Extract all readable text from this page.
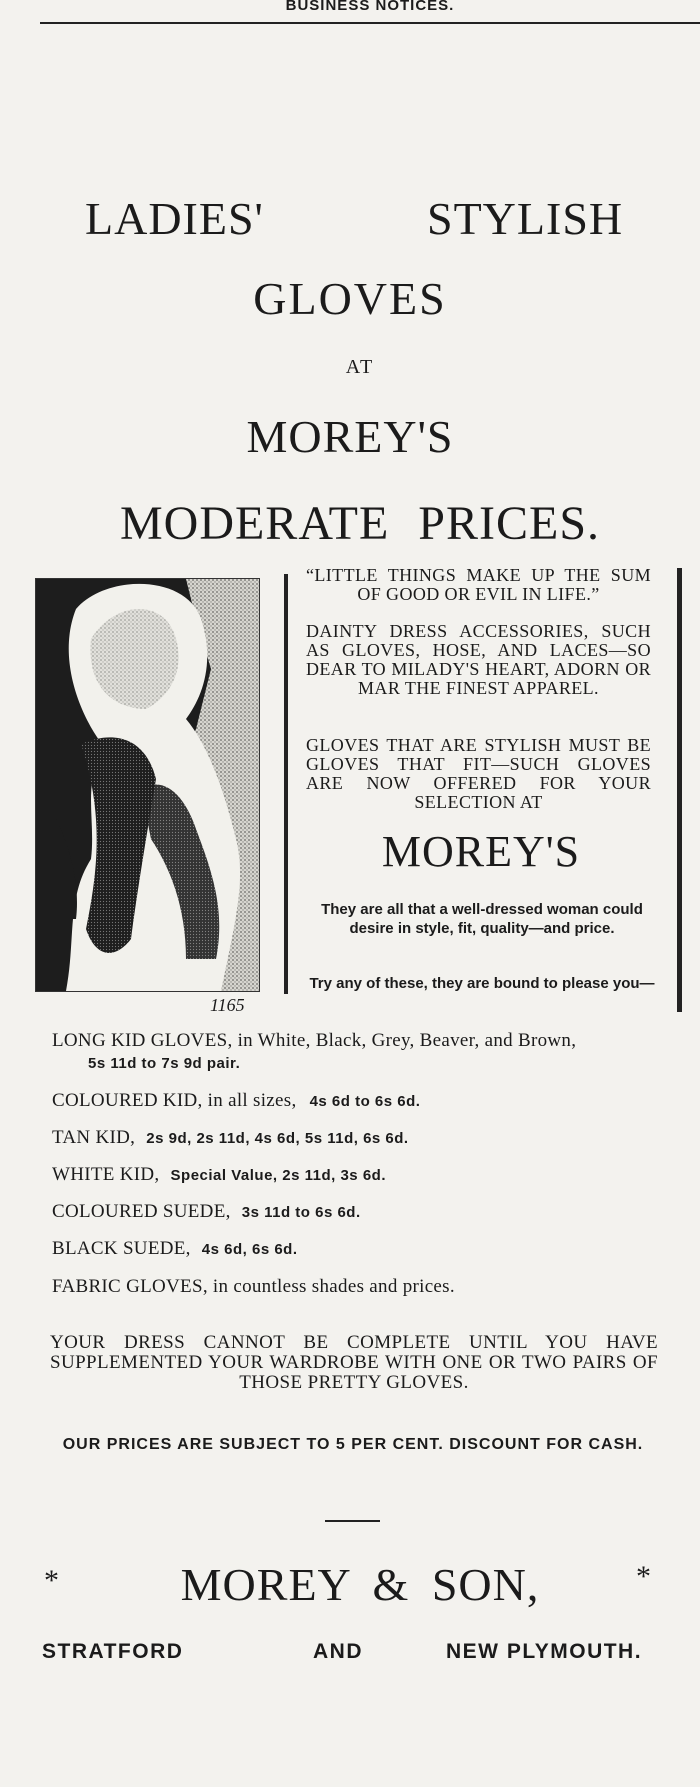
BUSINESS NOTICES.
LADIES'	STYLISH
GLOVES
AT
MOREY'S
MODERATE PRICES.
1165
“LITTLE THINGS MAKE UP THE SUM OF GOOD OR EVIL IN LIFE.”
DAINTY DRESS ACCESSORIES, SUCH AS GLOVES, HOSE, AND LACES—SO DEAR TO MILADY'S HEART, ADORN OR MAR THE FINEST APPAREL.
GLOVES THAT ARE STYLISH MUST BE GLOVES THAT FIT—SUCH GLOVES ARE NOW OFFERED FOR YOUR SELECTION AT
MOREY'S
They are all that a well-dressed woman could desire in style, fit, quality—and price.
Try any of these, they are bound to please you—
LONG KID GLOVES, in White, Black, Grey, Beaver, and Brown,
5s 11d to 7s 9d pair.
COLOURED KID, in all sizes, 4s 6d to 6s 6d.
TAN KID, 2s 9d, 2s 11d, 4s 6d, 5s 11d, 6s 6d.
WHITE KID, Special Value, 2s 11d, 3s 6d.
COLOURED SUEDE, 3s 11d to 6s 6d.
BLACK SUEDE, 4s 6d, 6s 6d.
FABRIC GLOVES, in countless shades and prices.
YOUR DRESS CANNOT BE COMPLETE UNTIL YOU HAVE SUPPLEMENTED YOUR WARDROBE WITH ONE OR TWO PAIRS OF THOSE PRETTY GLOVES.
OUR PRICES ARE SUBJECT TO 5 PER CENT. DISCOUNT FOR CASH.
*	MOREY & SON,	*
STRATFORD	AND	NEW PLYMOUTH.
